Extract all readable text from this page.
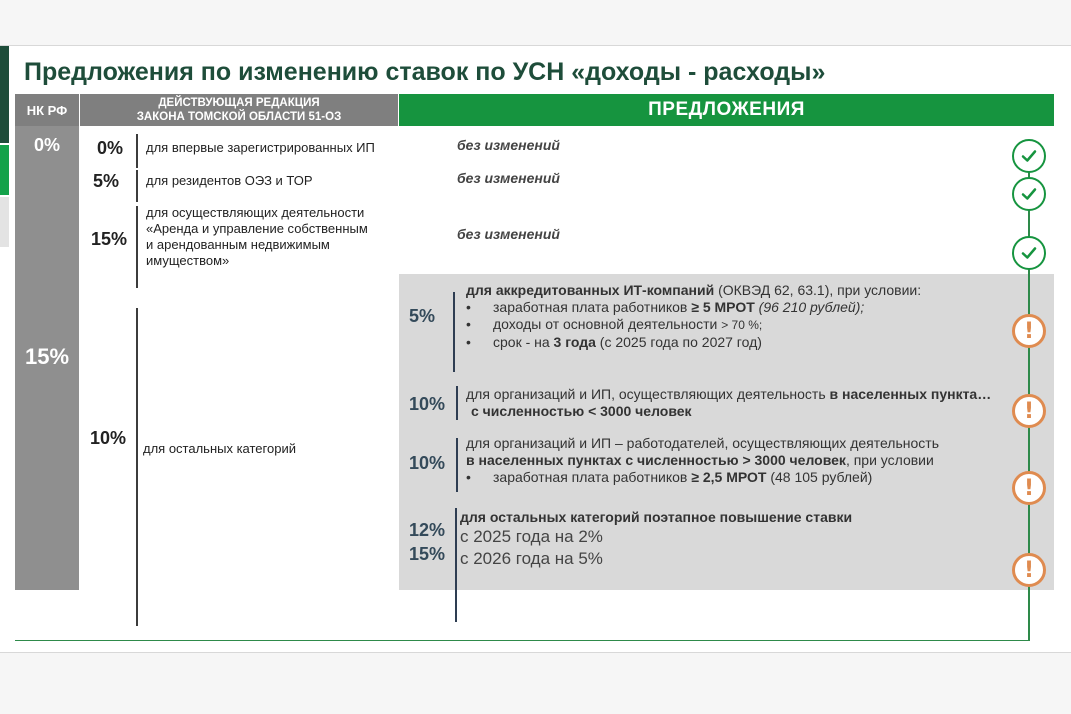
Предложения по изменению ставок по УСН «доходы - расходы»
НК РФ	ДЕЙСТВУЮЩАЯ РЕДАКЦИЯ
ЗАКОНА ТОМСКОЙ ОБЛАСТИ 51-ОЗ	ПРЕДЛОЖЕНИЯ
0%
15%
0% для впервые зарегистрированных ИП
5% для резидентов ОЭЗ и ТОР
15%
для осуществляющих деятельности
«Аренда и управление собственным
и арендованным недвижимым
имуществом»
10%
для остальных категорий
без изменений
без изменений
без изменений
5%
для аккредитованных ИТ-компаний (ОКВЭД 62, 63.1), при условии:
• заработная плата работников ≥ 5 МРОТ (96 210 рублей);
• доходы от основной деятельности > 70 %;
• срок - на 3 года (с 2025 года по 2027 год)
10% для организаций и ИП, осуществляющих деятельность в населенных пункта…
с численностью < 3000 человек
10%
для организаций и ИП – работодателей, осуществляющих деятельность
в населенных пунктах с численностью > 3000 человек, при условии
• заработная плата работников ≥ 2,5 МРОТ (48 105 рублей)
12%
15%
для остальных категорий поэтапное повышение ставки
с 2025 года на 2%
с 2026 года на 5%
!
!
!
!
